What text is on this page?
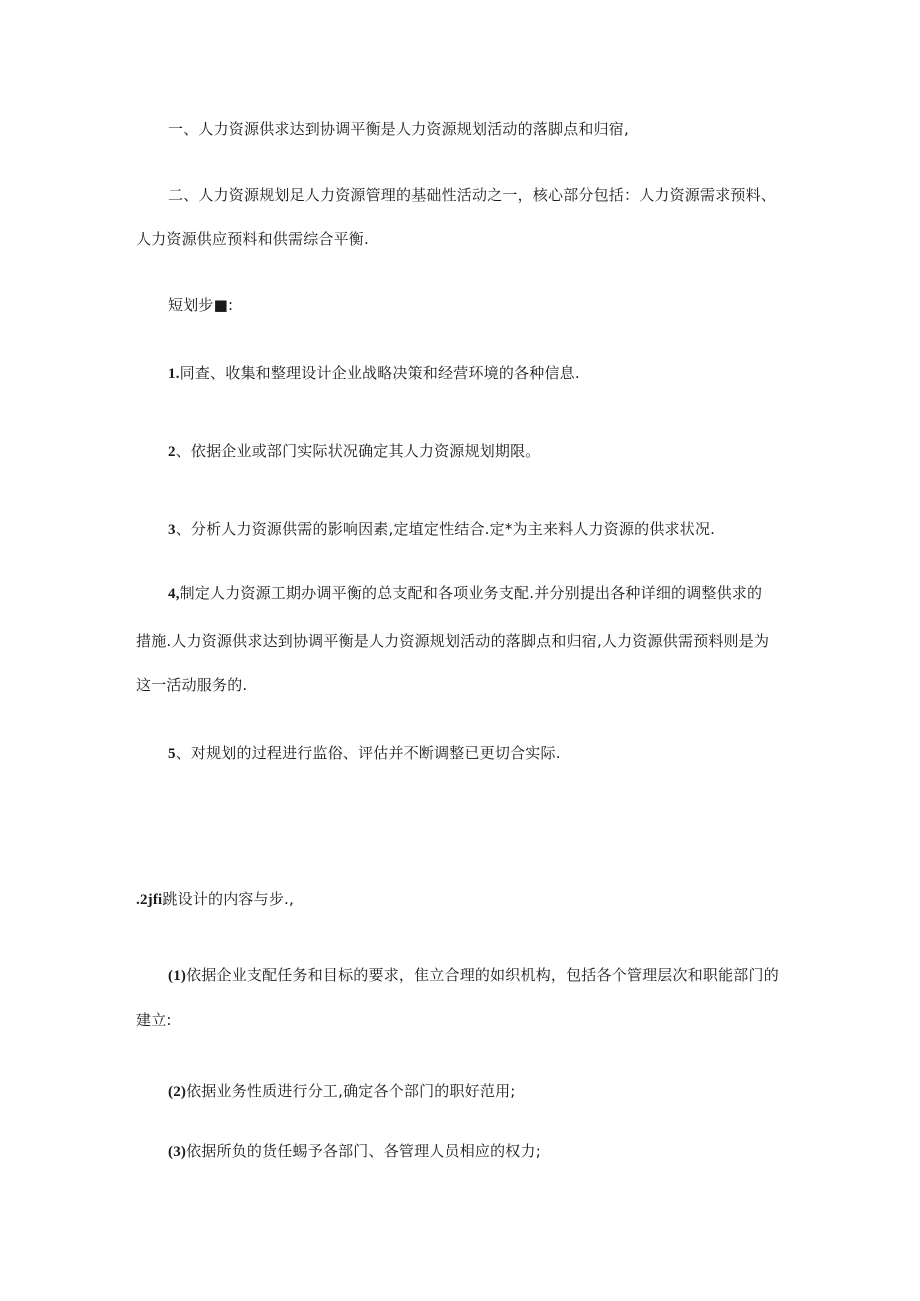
一、人力资源供求达到协调平衡是人力资源规划活动的落脚点和归宿,
二、人力资源规划足人力资源管理的基础性活动之一，核心部分包括：人力资源需求预料、
人力资源供应预料和供需综合平衡.
短划步■:
1.同查、收集和整理设计企业战略决策和经营环境的各种信息.
2、依据企业或部门实际状况确定其人力资源规划期限。
3、分析人力资源供需的影响因素,定埴定性结合.定*为主来料人力资源的供求状况.
4,制定人力资源工期办调平衡的总支配和各项业务支配.并分别提出各种详细的调整供求的
措施.人力资源供求达到协调平衡是人力资源规划活动的落脚点和归宿,人力资源供需预料则是为
这一活动服务的.
5、对规划的过程进行监俗、评估并不断调整已更切合实际.
.2jfi跳设计的内容与步.,
(1)依据企业支配任务和目标的要求，隹立合理的如织机构，包括各个管理层次和职能部门的
建立:
(2)依据业务性质进行分工,确定各个部门的职好范用;
(3)依据所负的货任蜴予各部门、各管理人员相应的权力;
